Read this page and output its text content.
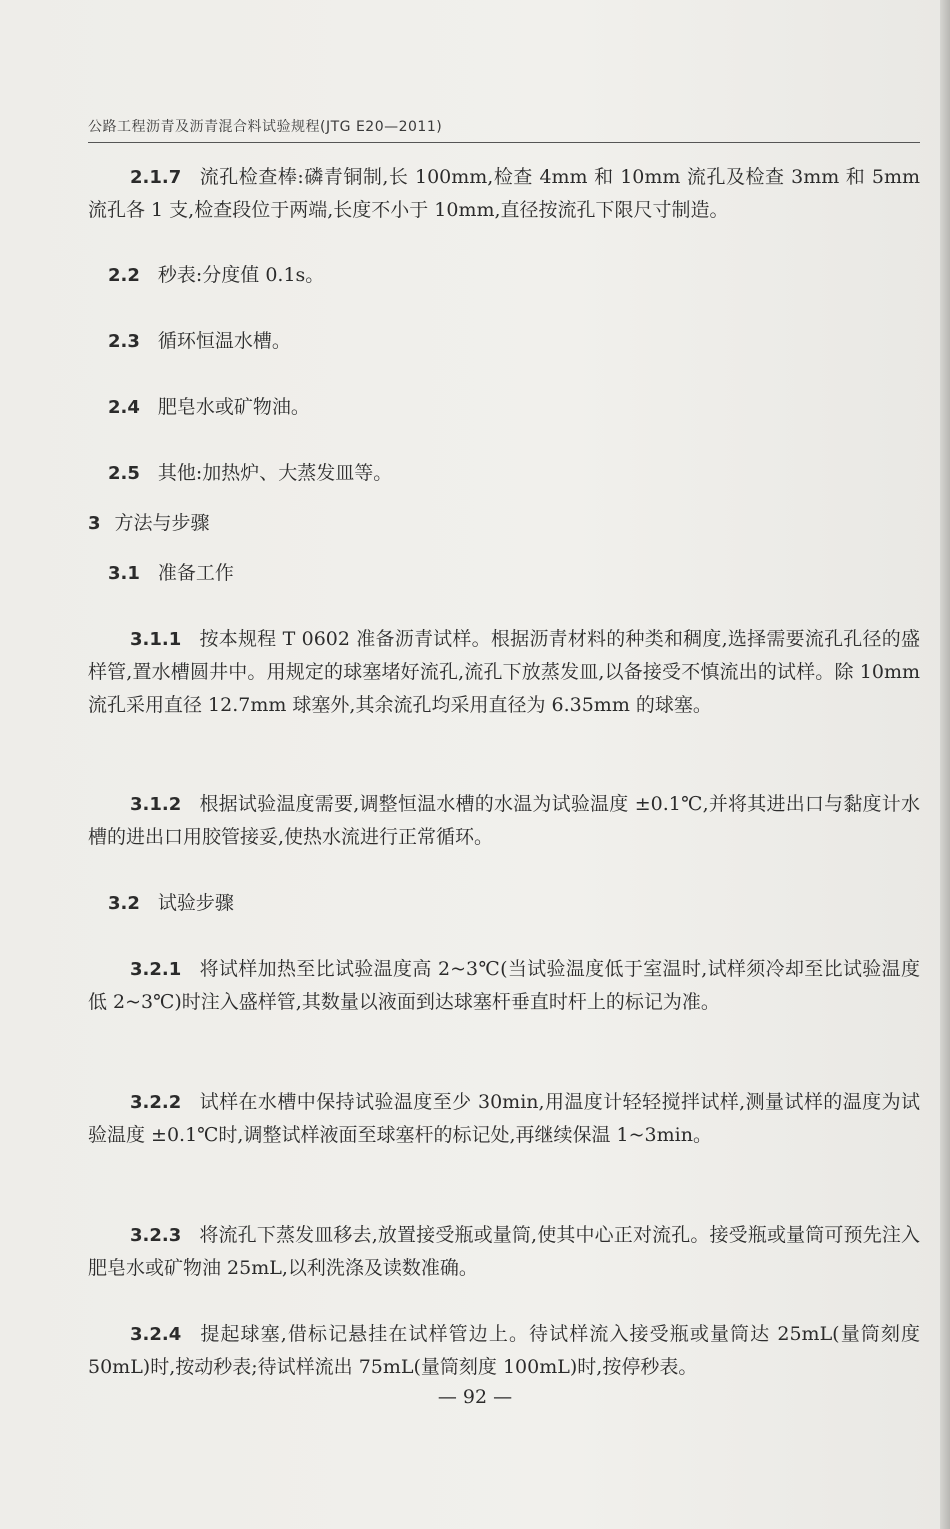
公路工程沥青及沥青混合料试验规程(JTG E20—2011)

2.1.7 流孔检查棒:磷青铜制,长 100mm,检查 4mm 和 10mm 流孔及检查 3mm 和 5mm 流孔各 1 支,检查段位于两端,长度不小于 10mm,直径按流孔下限尺寸制造。

2.2 秒表:分度值 0.1s。

2.3 循环恒温水槽。

2.4 肥皂水或矿物油。

2.5 其他:加热炉、大蒸发皿等。

3 方法与步骤

3.1 准备工作

3.1.1 按本规程 T 0602 准备沥青试样。根据沥青材料的种类和稠度,选择需要流孔孔径的盛样管,置水槽圆井中。用规定的球塞堵好流孔,流孔下放蒸发皿,以备接受不慎流出的试样。除 10mm 流孔采用直径 12.7mm 球塞外,其余流孔均采用直径为 6.35mm 的球塞。

3.1.2 根据试验温度需要,调整恒温水槽的水温为试验温度 ±0.1℃,并将其进出口与黏度计水槽的进出口用胶管接妥,使热水流进行正常循环。

3.2 试验步骤

3.2.1 将试样加热至比试验温度高 2~3℃(当试验温度低于室温时,试样须冷却至比试验温度低 2~3℃)时注入盛样管,其数量以液面到达球塞杆垂直时杆上的标记为准。

3.2.2 试样在水槽中保持试验温度至少 30min,用温度计轻轻搅拌试样,测量试样的温度为试验温度 ±0.1℃时,调整试样液面至球塞杆的标记处,再继续保温 1~3min。

3.2.3 将流孔下蒸发皿移去,放置接受瓶或量筒,使其中心正对流孔。接受瓶或量筒可预先注入肥皂水或矿物油 25mL,以利洗涤及读数准确。

3.2.4 提起球塞,借标记悬挂在试样管边上。待试样流入接受瓶或量筒达 25mL(量筒刻度 50mL)时,按动秒表;待试样流出 75mL(量筒刻度 100mL)时,按停秒表。

— 92 —
